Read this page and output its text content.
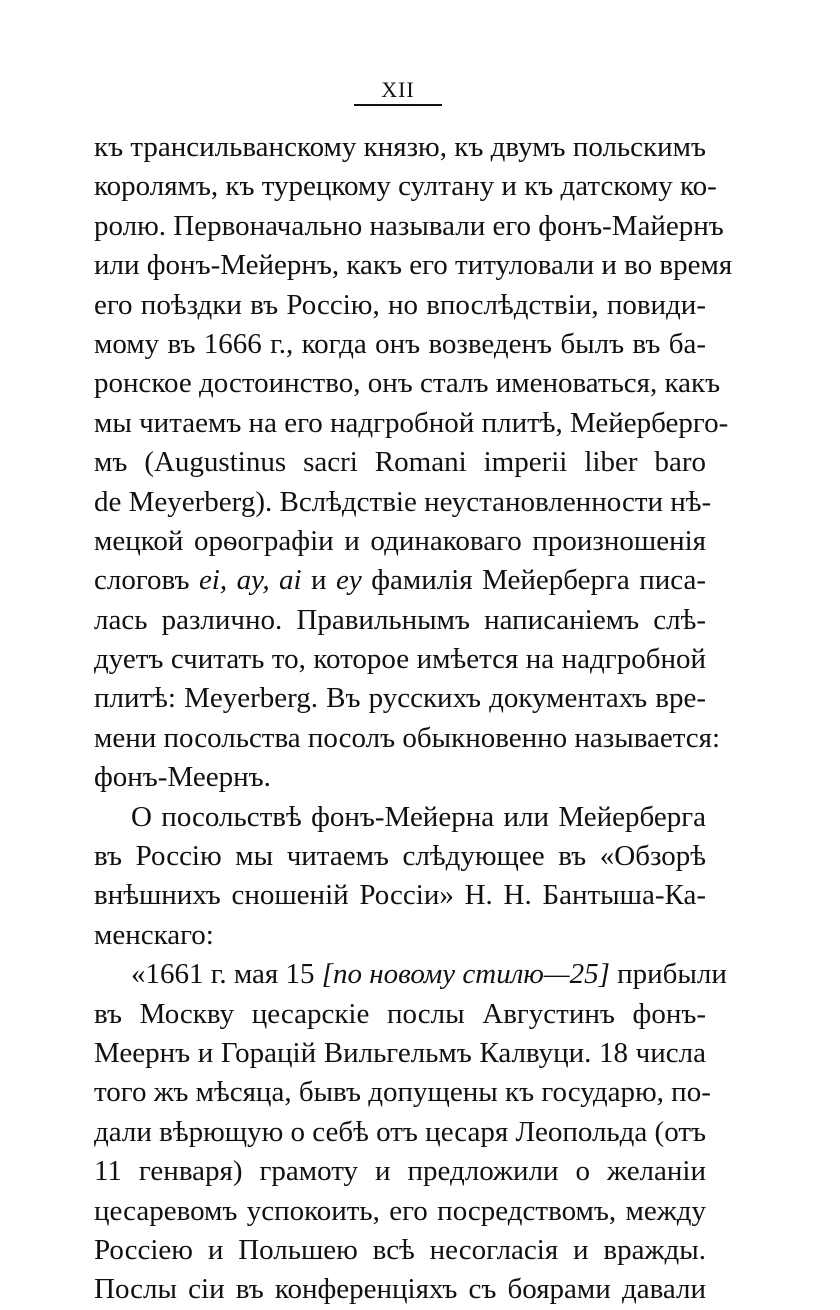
XII
къ трансильванскому князю, къ двумъ польскимъ
королямъ, къ турецкому султану и къ датскому ко-
ролю. Первоначально называли его фонъ-Майернъ
или фонъ-Мейернъ, какъ его титуловали и во время
его поѣздки въ Россію, но впослѣдствіи, повиди-
мому въ 1666 г., когда онъ возведенъ былъ въ ба-
ронское достоинство, онъ сталъ именоваться, какъ
мы читаемъ на его надгробной плитѣ, Мейерберго-
мъ (Augustinus sacri Romani imperii liber baro
de Meyerberg). Вслѣдствіе неустановленности нѣ-
мецкой орѳографіи и одинаковаго произношенія
слоговъ ei, ay, ai и ey фамилія Мейерберга писа-
лась различно. Правильнымъ написаніемъ слѣ-
дуетъ считать то, которое имѣется на надгробной
плитѣ: Meyerberg. Въ русскихъ документахъ вре-
мени посольства посолъ обыкновенно называется:
фонъ-Меернъ.
О посольствѣ фонъ-Мейерна или Мейерберга
въ Россію мы читаемъ слѣдующее въ «Обзорѣ
внѣшнихъ сношеній Россіи» Н. Н. Бантыша-Ка-
менскаго:
«1661 г. мая 15 [по новому стилю—25] прибыли
въ Москву цесарскіе послы Августинъ фонъ-
Меернъ и Горацій Вильгельмъ Калвуци. 18 числа
того жъ мѣсяца, бывъ допущены къ государю, по-
дали вѣрющую о себѣ отъ цесаря Леопольда (отъ
11 генваря) грамоту и предложили о желаніи
цесаревомъ успокоить, его посредствомъ, между
Россіею и Польшею всѣ несогласія и вражды.
Послы сіи въ конференціяхъ съ боярами давали
